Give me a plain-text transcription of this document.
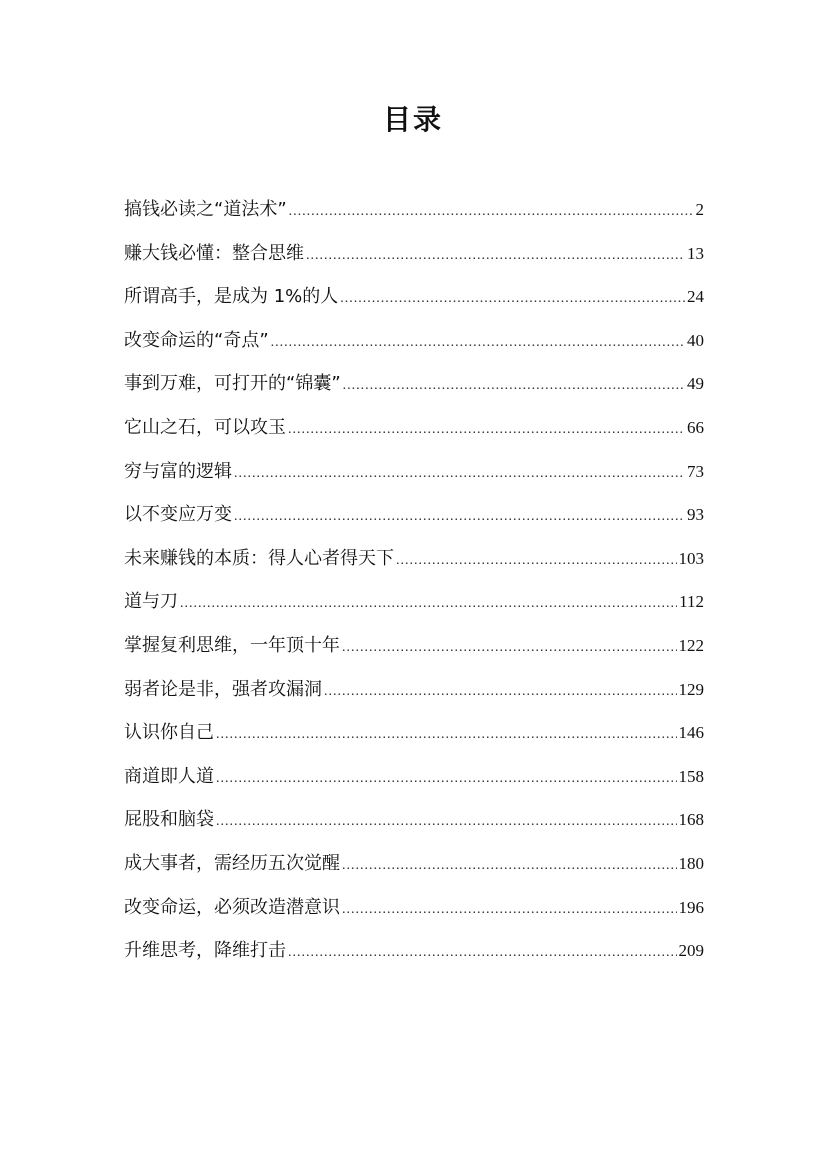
目录
搞钱必读之“道法术” .....	2
赚大钱必懂：整合思维 .....	13
所谓高手，是成为 1%的人 .....	24
改变命运的“奇点” .....	40
事到万难，可打开的“锦囊” .....	49
它山之石，可以攻玉 .....	66
穷与富的逻辑 .....	73
以不变应万变 .....	93
未来赚钱的本质：得人心者得天下 .....	103
道与刀 .....	112
掌握复利思维，一年顶十年 .....	122
弱者论是非，强者攻漏洞 .....	129
认识你自己 .....	146
商道即人道 .....	158
屁股和脑袋 .....	168
成大事者，需经历五次觉醒 .....	180
改变命运，必须改造潜意识 .....	196
升维思考，降维打击 .....	209
